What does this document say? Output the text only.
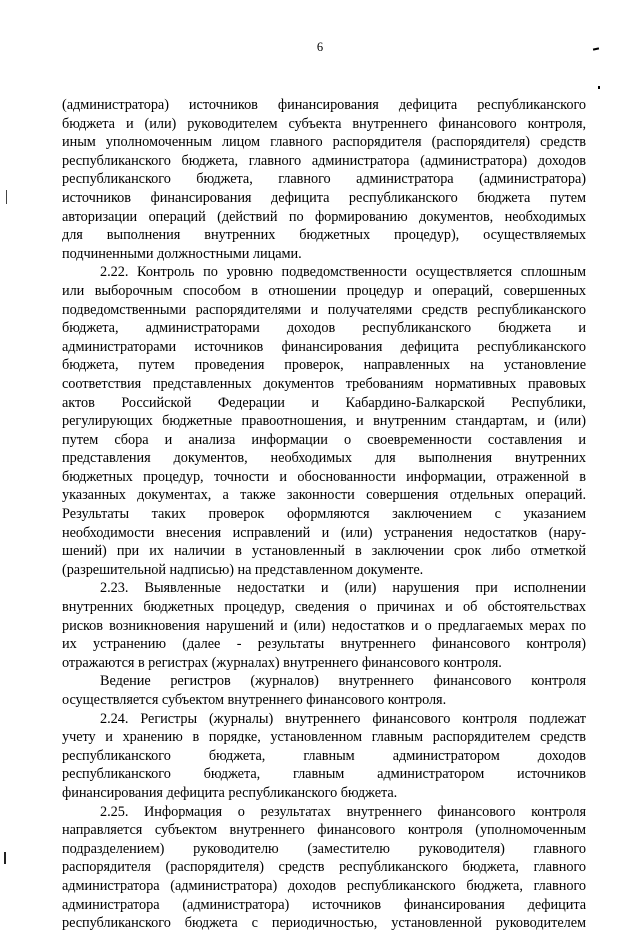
6
(администратора) источников финансирования дефицита республиканского
бюджета и (или) руководителем субъекта внутреннего финансового контроля,
иным уполномоченным лицом главного распорядителя (распорядителя) средств
республиканского бюджета, главного администратора (администратора) доходов
республиканского бюджета, главного администратора (администратора)
источников финансирования дефицита республиканского бюджета путем
авторизации операций (действий по формированию документов, необходимых
для выполнения внутренних бюджетных процедур), осуществляемых
подчиненными должностными лицами.
2.22. Контроль по уровню подведомственности осуществляется сплошным
или выборочным способом в отношении процедур и операций, совершенных
подведомственными распорядителями и получателями средств республиканского
бюджета, администраторами доходов республиканского бюджета и
администраторами источников финансирования дефицита республиканского
бюджета, путем проведения проверок, направленных на установление
соответствия представленных документов требованиям нормативных правовых
актов Российской Федерации и Кабардино-Балкарской Республики,
регулирующих бюджетные правоотношения, и внутренним стандартам, и (или)
путем сбора и анализа информации о своевременности составления и
представления документов, необходимых для выполнения внутренних
бюджетных процедур, точности и обоснованности информации, отраженной в
указанных документах, а также законности совершения отдельных операций.
Результаты таких проверок оформляются заключением с указанием
необходимости внесения исправлений и (или) устранения недостатков (нару-
шений) при их наличии в установленный в заключении срок либо отметкой
(разрешительной надписью) на представленном документе.
2.23. Выявленные недостатки и (или) нарушения при исполнении
внутренних бюджетных процедур, сведения о причинах и об обстоятельствах
рисков возникновения нарушений и (или) недостатков и о предлагаемых мерах по
их устранению (далее - результаты внутреннего финансового контроля)
отражаются в регистрах (журналах) внутреннего финансового контроля.
Ведение регистров (журналов) внутреннего финансового контроля
осуществляется субъектом внутреннего финансового контроля.
2.24. Регистры (журналы) внутреннего финансового контроля подлежат
учету и хранению в порядке, установленном главным распорядителем средств
республиканского бюджета, главным администратором доходов
республиканского бюджета, главным администратором источников
финансирования дефицита республиканского бюджета.
2.25. Информация о результатах внутреннего финансового контроля
направляется субъектом внутреннего финансового контроля (уполномоченным
подразделением) руководителю (заместителю руководителя) главного
распорядителя (распорядителя) средств республиканского бюджета, главного
администратора (администратора) доходов республиканского бюджета, главного
администратора (администратора) источников финансирования дефицита
республиканского бюджета с периодичностью, установленной руководителем
